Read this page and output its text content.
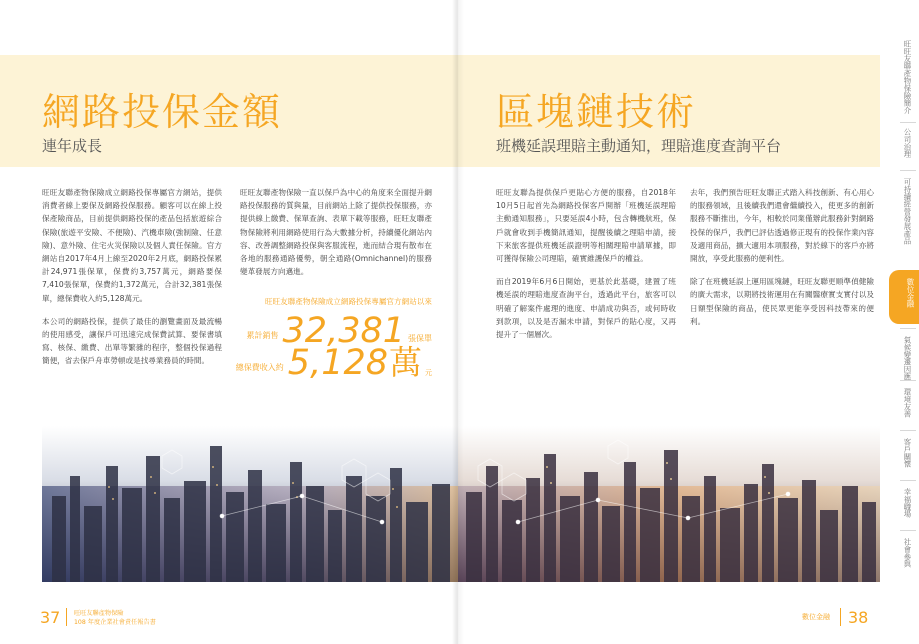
網路投保金額
連年成長

旺旺友聯產物保險成立網路投保專屬官方網站，提供消費者線上要保及網路投保服務。顧客可以在線上投保產險商品，目前提供網路投保的產品包括旅遊綜合保險(旅遊平安險、不便險)、汽機車險(強制險、任意險)、意外險、住宅火災保險以及個人責任保險。官方網站自2017年4月上線至2020年2月底，網路投保累計24,971張保單，保費約3,757萬元，網路要保7,410張保單，保費約1,372萬元，合計32,381張保單，總保費收入約5,128萬元。

本公司的網路投保，提供了最佳的瀏覽畫面及最流暢的使用感受，讓保戶可迅速完成保費試算、要保書填寫、核保、繳費、出單等繁雜的程序，整個投保過程簡便，省去保戶舟車勞頓或是找尋業務員的時間。

旺旺友聯產物保險一直以保戶為中心的角度來全面提升網路投保服務的質與量，目前網站上除了提供投保服務，亦提供線上繳費、保單查詢、表單下載等服務，旺旺友聯產物保險將利用網路使用行為大數據分析，持續優化網站內容、改善調整網路投保與客服流程，進而結合現有散布在各地的服務通路優勢，朝全通路(Omnichannel)的服務變革發展方向邁進。

旺旺友聯產物保險成立網路投保專屬官方網站以來
累計銷售 32,381 張保單
總保費收入約 5,128 萬 元
37 旺旺友聯產物保險
108 年度企業社會責任報告書
區塊鏈技術
班機延誤理賠主動通知，理賠進度查詢平台

旺旺友聯為提供保戶更貼心方便的服務，自2018年10月5日起首先為網路投保客戶開辦「班機延誤理賠主動通知服務」，只要延誤4小時，包含轉機航班，保戶就會收到手機簡訊通知，提醒後續之理賠申請，接下來旅客提供班機延誤證明等相關理賠申請單據，即可獲得保險公司理賠，確實維護保戶的權益。

而自2019年6月6日開始，更基於此基礎，建置了班機延誤的理賠進度查詢平台，透過此平台，旅客可以明確了解案件處理的進度、申請成功與否，或何時收到款項，以及是否漏未申請，對保戶的貼心度，又再提升了一個層次。

去年，我們預告旺旺友聯正式踏入科技創新、有心用心的服務領域，且後續我們還會繼續投入，使更多的創新服務不斷推出，今年，相較於同業僅辦此服務針對網路投保的保戶，我們已評估透過修正現有的投保作業內容及適用商品，擴大適用本項服務，對於線下的客戶亦將開放，享受此服務的便利性。

除了在班機延誤上運用區塊鏈，旺旺友聯更順準偵健險的廣大需求，以期將技術運用在有關醫療實支實付以及日額型保險的商品，使民眾更能享受因科技帶來的便利。

數位金融 38
旺旺友聯產物保險簡介
公司治理
可持續經營發展產品
數位金融
氣候變遷因應
環境友善
客戶關懷
幸福職場
社會參與
